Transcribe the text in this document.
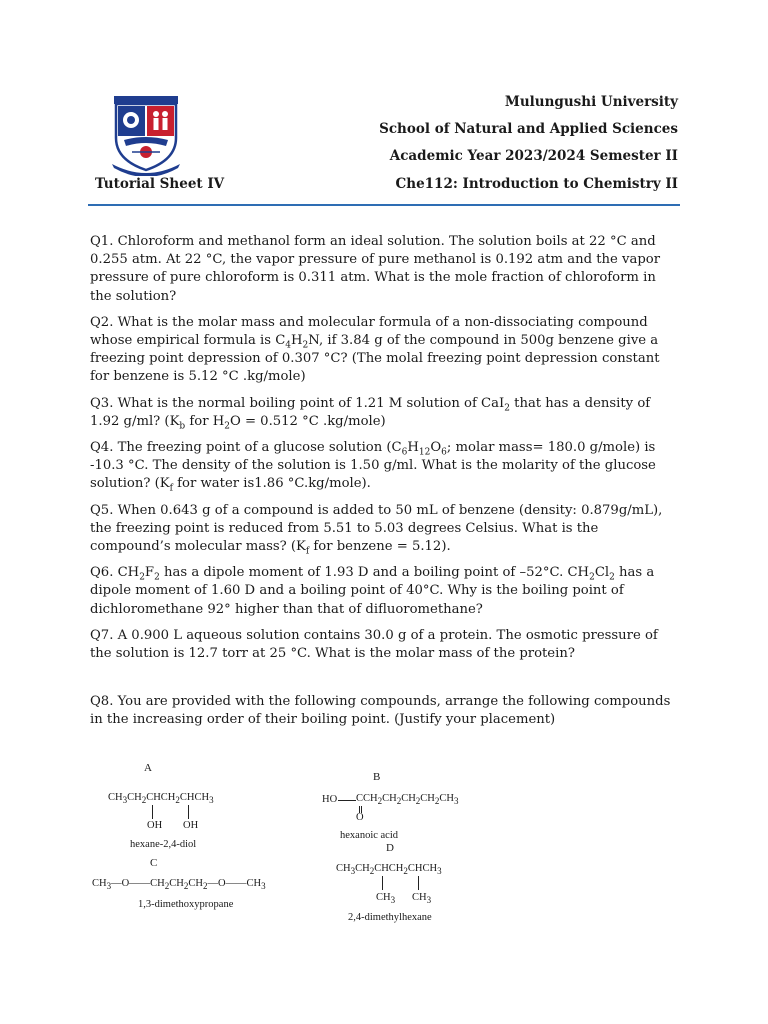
Mulungushi University
School of Natural and Applied Sciences
Academic Year 2023/2024 Semester II
Che112: Introduction to Chemistry II
Tutorial Sheet IV

Q1. Chloroform and methanol form an ideal solution. The solution boils at 22 °C and 0.255 atm. At 22 °C, the vapor pressure of pure methanol is 0.192 atm and the vapor pressure of pure chloroform is 0.311 atm. What is the mole fraction of chloroform in the solution?

Q2. What is the molar mass and molecular formula of a non-dissociating compound whose empirical formula is $C_4H_2N$, if 3.84 g of the compound in 500g benzene give a freezing point depression of 0.307 °C? (The molal freezing point depression constant for benzene is 5.12 °C .kg/mole)

Q3. What is the normal boiling point of 1.21 M solution of CaI$_2$ that has a density of 1.92 g/ml? ($K_b$ for $H_2O = 0.512$ °C .kg/mole)

Q4. The freezing point of a glucose solution ($C_6H_{12}O_6$; molar mass= 180.0 g/mole) is -10.3 °C. The density of the solution is 1.50 g/ml. What is the molarity of the glucose solution? ($K_f$ for water is1.86 °C.kg/mole).

Q5. When 0.643 g of a compound is added to 50 mL of benzene (density: 0.879g/mL), the freezing point is reduced from 5.51 to 5.03 degrees Celsius. What is the compound’s molecular mass? ($K_f$ for benzene = 5.12).

Q6. $CH_2F_2$ has a dipole moment of 1.93 D and a boiling point of –52°C. $CH_2Cl_2$ has a dipole moment of 1.60 D and a boiling point of 40°C. Why is the boiling point of dichloromethane 92° higher than that of difluoromethane?

Q7. A 0.900 L aqueous solution contains 30.0 g of a protein. The osmotic pressure of the solution is 12.7 torr at 25 °C. What is the molar mass of the protein?

Q8. You are provided with the following compounds, arrange the following compounds in the increasing order of their boiling point. (Justify your placement)

A
$CH_3CH_2CHCH_2CHCH_3$
OH OH
hexane-2,4-diol
B
HO $CCH_2CH_2CH_2CH_2CH_3$
O
hexanoic acid
C
$CH_3—O——CH_2CH_2CH_2—O——CH_3$
1,3-dimethoxypropane
D
$CH_3CH_2CHCH_2CHCH_3$
$CH_3$ $CH_3$
2,4-dimethylhexane
